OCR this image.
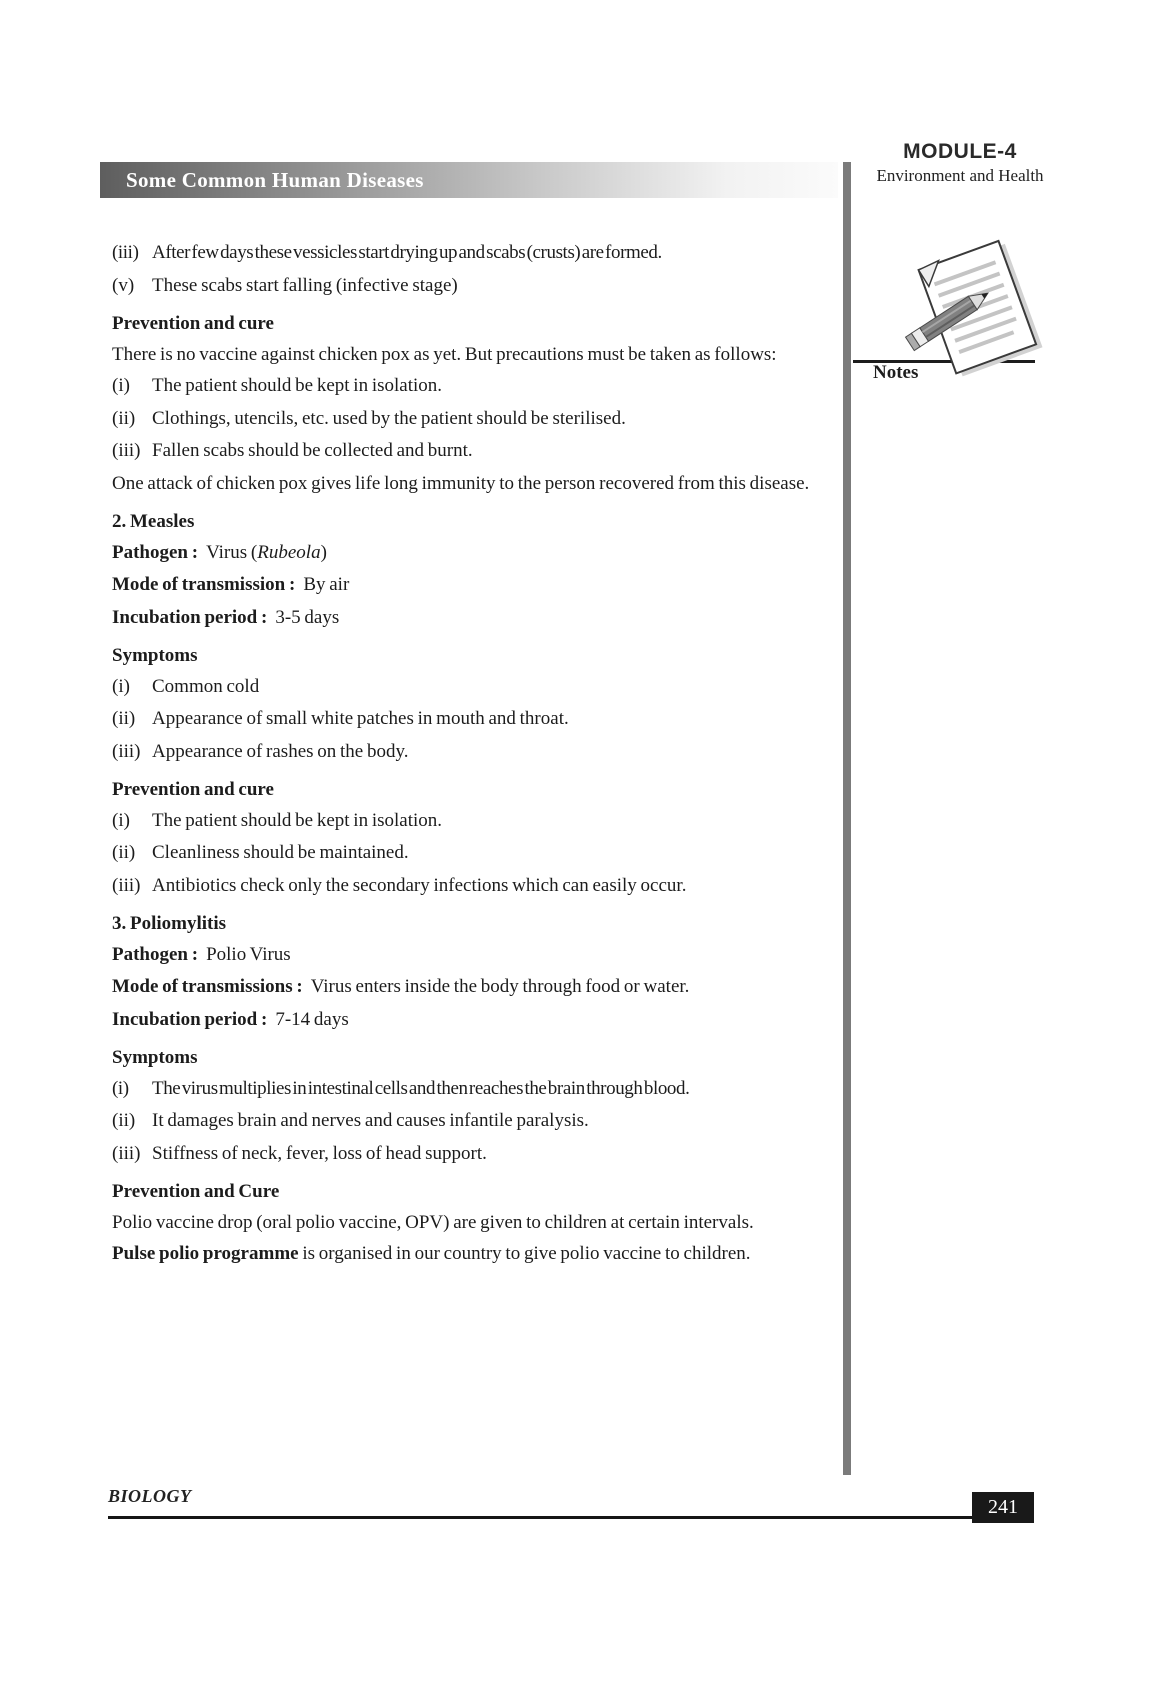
Some Common Human Diseases
MODULE-4
Environment and Health
Notes
(iii) After few days these vessicles start drying up and scabs (crusts) are formed.
(v) These scabs start falling (infective stage)
Prevention and cure

There is no vaccine against chicken pox as yet. But precautions must be taken as follows:

(i)	The patient should be kept in isolation.
(ii) Clothings, utencils, etc. used by the patient should be sterilised.
(iii) Fallen scabs should be collected and burnt.

One attack of chicken pox gives life long immunity to the person recovered from this disease.

2. Measles

Pathogen : Virus (Rubeola)

Mode of transmission : By air

Incubation period : 3-5 days

Symptoms
(i)	Common cold
(ii) Appearance of small white patches in mouth and throat.
(iii) Appearance of rashes on the body.
Prevention and cure
(i)	The patient should be kept in isolation.
(ii) Cleanliness should be maintained.
(iii) Antibiotics check only the secondary infections which can easily occur.
3. Poliomylitis

Pathogen : Polio Virus

Mode of transmissions : Virus enters inside the body through food or water.

Incubation period : 7-14 days

Symptoms
(i)	The virus multiplies in intestinal cells and then reaches the brain through blood.
(ii) It damages brain and nerves and causes infantile paralysis.
(iii) Stiffness of neck, fever, loss of head support.
Prevention and Cure

Polio vaccine drop (oral polio vaccine, OPV) are given to children at certain intervals.

Pulse polio programme is organised in our country to give polio vaccine to children.

BIOLOGY	241
